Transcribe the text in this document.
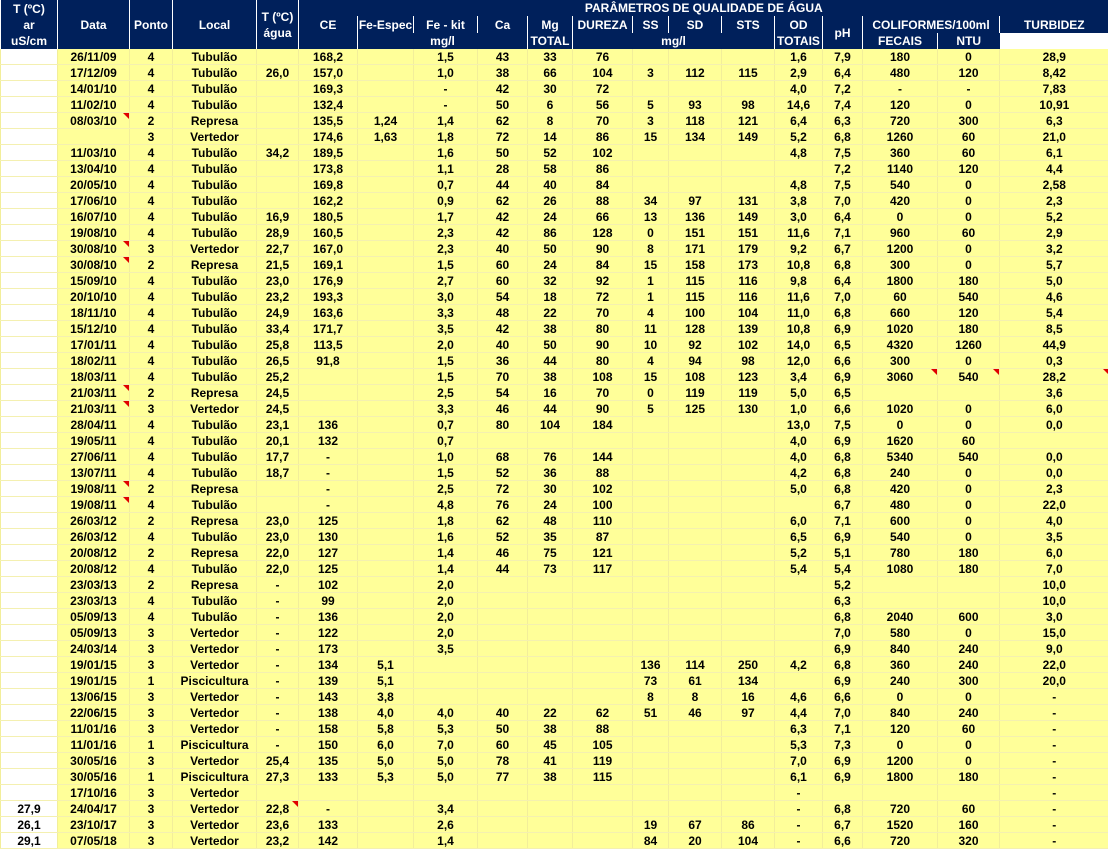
T (ºC)
ar	Data	Ponto	Local	T (ºC)
água	PARÂMETROS DE QUALIDADE DE ÁGUA													
					CE	Fe-Espec	Fe - kit	Ca	Mg	DUREZA	SS	SD	STS	OD	pH	COLIFORMES/100ml		TURBIDEZ
uS/cm						mg/l			TOTAL	mg/l				TOTAIS		FECAIS	NTU	
	26/11/09	4	Tubulão		168,2		1,5	43	33	76				1,6	7,9	180	0	28,9
	17/12/09	4	Tubulão	26,0	157,0		1,0	38	66	104	3	112	115	2,9	6,4	480	120	8,42
	14/01/10	4	Tubulão		169,3		-	42	30	72				4,0	7,2	-	-	7,83
	11/02/10	4	Tubulão		132,4		-	50	6	56	5	93	98	14,6	7,4	120	0	10,91
	08/03/10	2	Represa		135,5	1,24	1,4	62	8	70	3	118	121	6,4	6,3	720	300	6,3
		3	Vertedor		174,6	1,63	1,8	72	14	86	15	134	149	5,2	6,8	1260	60	21,0
	11/03/10	4	Tubulão	34,2	189,5		1,6	50	52	102				4,8	7,5	360	60	6,1
	13/04/10	4	Tubulão		173,8		1,1	28	58	86					7,2	1140	120	4,4
	20/05/10	4	Tubulão		169,8		0,7	44	40	84				4,8	7,5	540	0	2,58
	17/06/10	4	Tubulão		162,2		0,9	62	26	88	34	97	131	3,8	7,0	420	0	2,3
	16/07/10	4	Tubulão	16,9	180,5		1,7	42	24	66	13	136	149	3,0	6,4	0	0	5,2
	19/08/10	4	Tubulão	28,9	160,5		2,3	42	86	128	0	151	151	11,6	7,1	960	60	2,9
	30/08/10	3	Vertedor	22,7	167,0		2,3	40	50	90	8	171	179	9,2	6,7	1200	0	3,2
	30/08/10	2	Represa	21,5	169,1		1,5	60	24	84	15	158	173	10,8	6,8	300	0	5,7
	15/09/10	4	Tubulão	23,0	176,9		2,7	60	32	92	1	115	116	9,8	6,4	1800	180	5,0
	20/10/10	4	Tubulão	23,2	193,3		3,0	54	18	72	1	115	116	11,6	7,0	60	540	4,6
	18/11/10	4	Tubulão	24,9	163,6		3,3	48	22	70	4	100	104	11,0	6,8	660	120	5,4
	15/12/10	4	Tubulão	33,4	171,7		3,5	42	38	80	11	128	139	10,8	6,9	1020	180	8,5
	17/01/11	4	Tubulão	25,8	113,5		2,0	40	50	90	10	92	102	14,0	6,5	4320	1260	44,9
	18/02/11	4	Tubulão	26,5	91,8		1,5	36	44	80	4	94	98	12,0	6,6	300	0	0,3
	18/03/11	4	Tubulão	25,2			1,5	70	38	108	15	108	123	3,4	6,9	3060	540	28,2
	21/03/11	2	Represa	24,5			2,5	54	16	70	0	119	119	5,0	6,5			3,6
	21/03/11	3	Vertedor	24,5			3,3	46	44	90	5	125	130	1,0	6,6	1020	0	6,0
	28/04/11	4	Tubulão	23,1	136		0,7	80	104	184				13,0	7,5	0	0	0,0
	19/05/11	4	Tubulão	20,1	132		0,7							4,0	6,9	1620	60	
	27/06/11	4	Tubulão	17,7	-		1,0	68	76	144				4,0	6,8	5340	540	0,0
	13/07/11	4	Tubulão	18,7	-		1,5	52	36	88				4,2	6,8	240	0	0,0
	19/08/11	2	Represa		-		2,5	72	30	102				5,0	6,8	420	0	2,3
	19/08/11	4	Tubulão		-		4,8	76	24	100					6,7	480	0	22,0
	26/03/12	2	Represa	23,0	125		1,8	62	48	110				6,0	7,1	600	0	4,0
	26/03/12	4	Tubulão	23,0	130		1,6	52	35	87				6,5	6,9	540	0	3,5
	20/08/12	2	Represa	22,0	127		1,4	46	75	121				5,2	5,1	780	180	6,0
	20/08/12	4	Tubulão	22,0	125		1,4	44	73	117				5,4	5,4	1080	180	7,0
	23/03/13	2	Represa	-	102		2,0								5,2			10,0
	23/03/13	4	Tubulão	-	99		2,0								6,3			10,0
	05/09/13	4	Tubulão	-	136		2,0								6,8	2040	600	3,0
	05/09/13	3	Vertedor	-	122		2,0								7,0	580	0	15,0
	24/03/14	3	Vertedor	-	173		3,5								6,9	840	240	9,0
	19/01/15	3	Vertedor	-	134	5,1					136	114	250	4,2	6,8	360	240	22,0
	19/01/15	1	Piscicultura	-	139	5,1					73	61	134		6,9	240	300	20,0
	13/06/15	3	Vertedor	-	143	3,8					8	8	16	4,6	6,6	0	0	-
	22/06/15	3	Vertedor	-	138	4,0	4,0	40	22	62	51	46	97	4,4	7,0	840	240	-
	11/01/16	3	Vertedor	-	158	5,8	5,3	50	38	88				6,3	7,1	120	60	-
	11/01/16	1	Piscicultura	-	150	6,0	7,0	60	45	105				5,3	7,3	0	0	-
	30/05/16	3	Vertedor	25,4	135	5,0	5,0	78	41	119				7,0	6,9	1200	0	-
	30/05/16	1	Piscicultura	27,3	133	5,3	5,0	77	38	115				6,1	6,9	1800	180	-
	17/10/16	3	Vertedor											-				-
27,9	24/04/17	3	Vertedor	22,8	-		3,4							-	6,8	720	60	-
26,1	23/10/17	3	Vertedor	23,6	133		2,6				19	67	86	-	6,7	1520	160	-
29,1	07/05/18	3	Vertedor	23,2	142		1,4				84	20	104	-	6,6	720	320	-
